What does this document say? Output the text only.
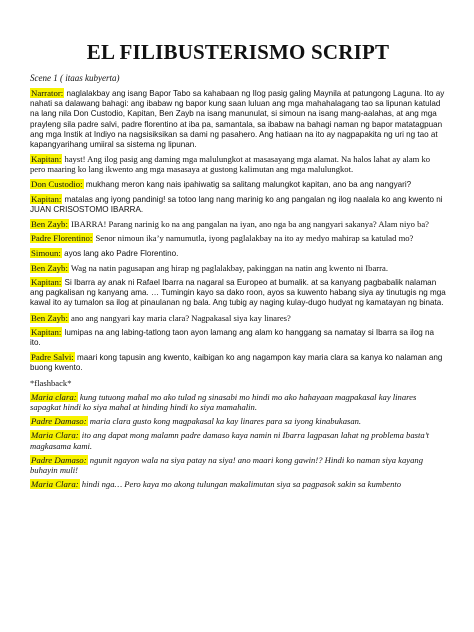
EL FILIBUSTERISMO SCRIPT
Scene 1 ( itaas kubyerta)
Narrator: naglalakbay ang isang Bapor Tabo sa kahabaan ng Ilog pasig galing Maynila at patungong Laguna. Ito ay nahati sa dalawang bahagi: ang ibabaw ng bapor kung saan luluan ang mga mahahalagang tao sa lipunan katulad na lang nila Don Custodio, Kapitan, Ben Zayb na isang manunulat, si simoun na isang mang-aalahas, at ang mga prayleng sila padre salvi, padre florentino at iba pa, samantala, sa ibabaw na bahagi naman ng bapor matatagpuan ang mga Instik at Indiyo na nagsisiksikan sa dami ng pasahero. Ang hatiaan na ito ay nagpapakita ng uri ng tao at kapangyarihang umiiral sa sistema ng lipunan.
Kapitan: hayst! Ang ilog pasig ang daming mga malulungkot at masasayang mga alamat. Na halos lahat ay alam ko pero maaring ko lang ikwento ang mga masasaya at gustong kalimutan ang mga malulungkot.
Don Custodio: mukhang meron kang nais ipahiwatig sa salitang malungkot kapitan, ano ba ang nangyari?
Kapitan: matalas ang iyong pandinig! sa totoo lang nang marinig ko ang pangalan ng ilog naalala ko ang kwento ni JUAN CRISOSTOMO IBARRA.
Ben Zayb: IBARRA! Parang narinig ko na ang pangalan na iyan, ano nga ba ang nangyari sakanya? Alam niyo ba?
Padre Florentino: Senor nimoun ika’y namumutla, iyong paglalakbay na ito ay medyo mahirap sa katulad mo?
Simoun: ayos lang ako Padre Florentino.
Ben Zayb: Wag na natin pagusapan ang hirap ng paglalakbay, pakinggan na natin ang kwento ni Ibarra.
Kapitan: Si Ibarra ay anak ni Rafael Ibarra na nagaral sa Europeo at bumalik. at sa kanyang pagbabalik nalaman ang pagkalisan ng kanyang ama. … Tumingin kayo sa dako roon, ayos sa kuwento habang siya ay tinutugis ng mga kawal ito ay tumalon sa ilog at pinaulanan ng bala. Ang tubig ay naging kulay-dugo hudyat ng kamatayan ng binata.
Ben Zayb: ano ang nangyari kay maria clara? Nagpakasal siya kay linares?
Kapitan: lumipas na ang labing-tatlong taon ayon lamang ang alam ko hanggang sa namatay si Ibarra sa ilog na ito.
Padre Salvi: maari kong tapusin ang kwento, kaibigan ko ang nagampon kay maria clara sa kanya ko nalaman ang buong kwento.
*flashback*
Maria clara: kung tutuong mahal mo ako tulad ng sinasabi mo hindi mo ako hahayaan magpakasal kay linares sapagkat hindi ko siya mahal at hinding hindi ko siya mamahalin.
Padre Damaso: maria clara gusto kong magpakasal ka kay linares para sa iyong kinabukasan.
Maria Clara: ito ang dapat mong malamn padre damaso kaya namin ni Ibarra lagpasan lahat ng problema basta’t magkasama kami.
Padre Damaso: ngunit ngayon wala na siya patay na siya! ano maari kong gawin!? Hindi ko naman siya kayang buhayin muli!
Maria Clara: hindi nga… Pero kaya mo akong tulungan makalimutan siya sa pagpasok sakin sa kumbento
